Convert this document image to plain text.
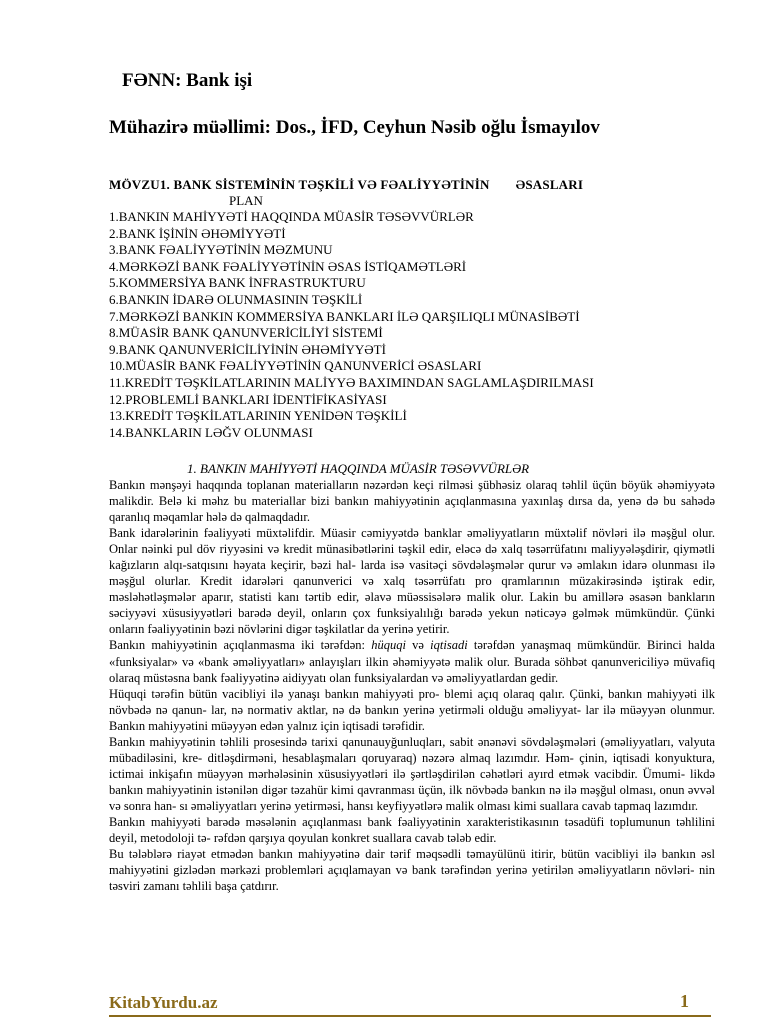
FƏNN: Bank işi
Mühazirə müəllimi: Dos., İFD, Ceyhun Nəsib oğlu İsmayılov
MÖVZU1. BANK SİSTEMİNİN TƏŞKİLİ VƏ FƏALİYYƏTİNİN ƏSASLARI
PLAN
1.BANKIN MAHİYYƏTİ HAQQINDA MÜASİR TƏSƏVVÜRLƏR
2.BANK İŞİNİN ƏHƏMİYYƏTİ
3.BANK FƏALİYYƏTİNİN MƏZMUNU
4.MƏRKƏZİ BANK FƏALİYYƏTİNİN ƏSAS İSTİQAMƏTLƏRİ
5.KOMMERSİYA BANK İNFRASTRUKTURU
6.BANKIN İDARƏ OLUNMASININ TƏŞKİLİ
7.MƏRKƏZİ BANKIN KOMMERSİYA BANKLARI İLƏ QARŞILIQLI MÜNASİBƏTİ
8.MÜASİR BANK QANUNVERİCİLİYİ SİSTEMİ
9.BANK QANUNVERİCİLİYİNİN ƏHƏMİYYƏTİ
10.MÜASİR BANK FƏALİYYƏTİNİN QANUNVERİCİ ƏSASLARI
11.KREDİT TƏŞKİLATLARININ MALİYYƏ BAXIMINDAN SAGLAMLAŞDIRILMASI
12.PROBLEMLİ BANKLARI İDENTİFİKASİYASI
13.KREDİT TƏŞKİLATLARININ YENİDƏN TƏŞKİLİ
14.BANKLARIN LƏĞV OLUNMASI
1. BANKIN MAHİYYƏTİ HAQQINDA MÜASİR TƏSƏVVÜRLƏR

Bankın mənşəyi haqqında toplanan materialların nəzərdən keçi rilməsi şübhəsiz olaraq təhlil üçün böyük əhəmiyyətə malikdir. Belə ki məhz bu materiallar bizi bankın mahiyyətinin açıqlanmasına yaxınlaş dırsa da, yenə də bu sahədə qaranlıq məqamlar hələ də qalmaqdadır.

Bank idarələrinin fəaliyyəti müxtəlifdir. Müasir cəmiyyətdə banklar əməliyyatların müxtəlif növləri ilə məşğul olur. Onlar nəinki pul döv riyyəsini və kredit münasibətlərini təşkil edir, eləcə də xalq təsərrüfatını maliyyələşdirir, qiymətli kağızların alqı-satqısını həyata keçirir, bəzi hal- larda isə vasitəçi sövdələşmələr qurur və əmlakın idarə olunması ilə məşğul olurlar. Kredit idarələri qanunverici və xalq təsərrüfatı pro qramlarının müzakirəsində iştirak edir, məsləhətləşmələr aparır, statisti kanı tərtib edir, əlavə müəssisələrə malik olur. Lakin bu amillərə əsasən bankların səciyyəvi xüsusiyyətləri barədə deyil, onların çox funksiyalılığı barədə yekun nəticəyə gəlmək mümkündür. Çünki onların fəaliyyətinin bəzi növlərini digər təşkilatlar da yerinə yetirir.

Bankın mahiyyətinin açıqlanmasma iki tərəfdən: hüquqi və iqtisadi tərəfdən yanaşmaq mümkündür. Birinci halda «funksiyalar» və «bank əməliyyatları» anlayışları ilkin əhəmiyyətə malik olur. Burada söhbət qanunvericiliyə müvafiq olaraq müstəsna bank fəaliyyətinə aidiyyatı olan funksiyalardan və əməliyyatlardan gedir.

Hüquqi tərəfin bütün vacibliyi ilə yanaşı bankın mahiyyəti pro- blemi açıq olaraq qalır. Çünki, bankın mahiyyəti ilk növbədə nə qanun- lar, nə normativ aktlar, nə də bankın yerinə yetirməli olduğu əməliyyat- lar ilə müəyyən olunmur. Bankın mahiyyətini müəyyən edən yalnız için iqtisadi tərəfidir.

Bankın mahiyyətinin təhlili prosesində tarixi qanunauyğunluqları, sabit ənənəvi sövdələşmələri (əməliyyatları, valyuta mübadiləsini, kre- ditləşdirməni, hesablaşmaları qoruyaraq) nəzərə almaq lazımdır. Həm- çinin, iqtisadi konyuktura, ictimai inkişafın müəyyən mərhələsinin xüsusiyyətləri ilə şərtləşdirilən cəhətləri ayırd etmək vacibdir. Ümumi- likdə bankın mahiyyətinin istənilən digər təzahür kimi qavranması üçün, ilk növbədə bankın nə ilə məşğul olması, onun əvvəl və sonra han- sı əməliyyatları yerinə yetirməsi, hansı keyfiyyətlərə malik olması kimi suallara cavab tapmaq lazımdır.

Bankın mahiyyəti barədə məsələnin açıqlanması bank fəaliyyətinin xarakteristikasının təsadüfi toplumunun təhlilini deyil, metodoloji tə- rəfdən qarşıya qoyulan konkret suallara cavab tələb edir.

Bu tələblərə riayət etmədən bankın mahiyyətinə dair tərif məqsədli təmayülünü itirir, bütün vacibliyi ilə bankın əsl mahiyyətini gizlədən mərkəzi problemləri açıqlamayan və bank tərəfindən yerinə yetirilən əməliyyatların növləri- nin təsviri zamanı təhlili başa çatdırır.

KitabYurdu.az	1
